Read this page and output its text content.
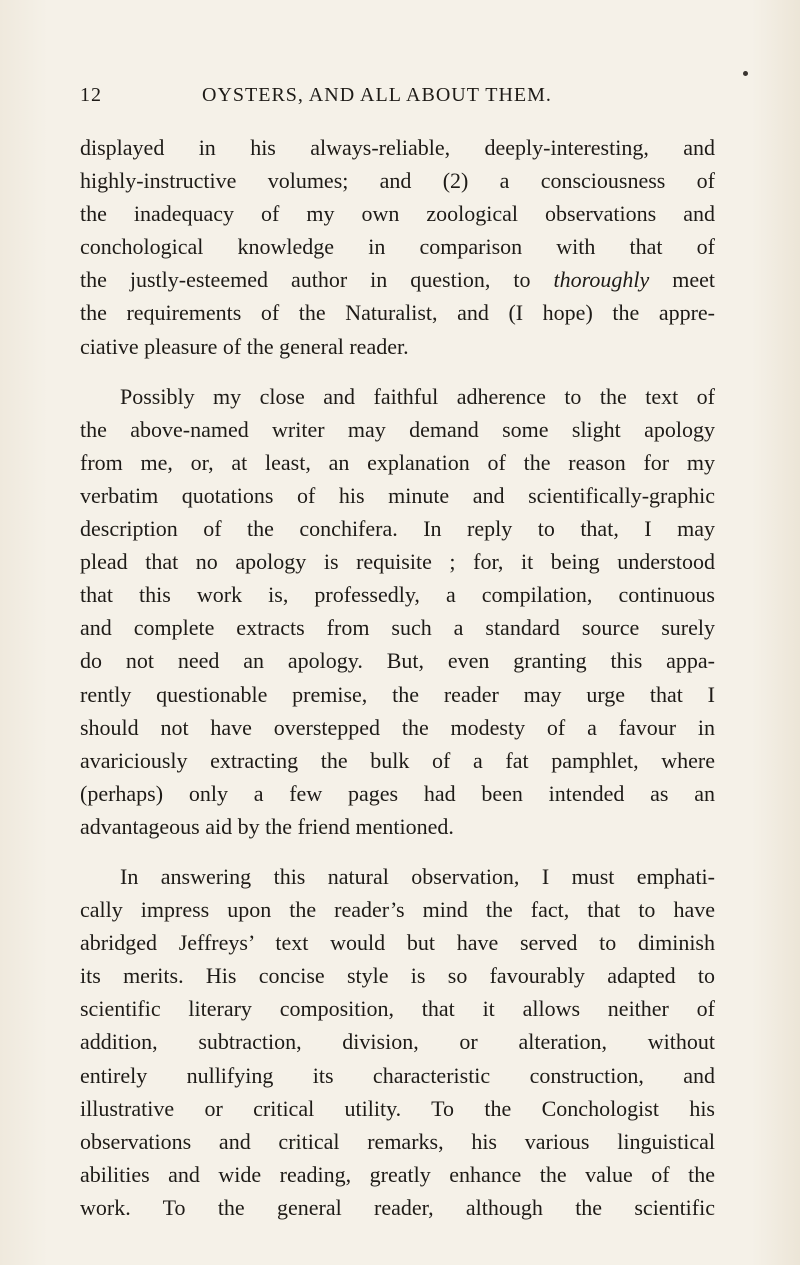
12	OYSTERS, AND ALL ABOUT THEM.
displayed in his always-reliable, deeply-interesting, and
highly-instructive volumes; and (2) a consciousness of
the inadequacy of my own zoological observations and
conchological knowledge in comparison with that of
the justly-esteemed author in question, to thoroughly meet
the requirements of the Naturalist, and (I hope) the appre-
ciative pleasure of the general reader.
Possibly my close and faithful adherence to the text of
the above-named writer may demand some slight apology
from me, or, at least, an explanation of the reason for my
verbatim quotations of his minute and scientifically-graphic
description of the conchifera. In reply to that, I may
plead that no apology is requisite ; for, it being understood
that this work is, professedly, a compilation, continuous
and complete extracts from such a standard source surely
do not need an apology. But, even granting this appa-
rently questionable premise, the reader may urge that I
should not have overstepped the modesty of a favour in
avariciously extracting the bulk of a fat pamphlet, where
(perhaps) only a few pages had been intended as an
advantageous aid by the friend mentioned.
In answering this natural observation, I must emphati-
cally impress upon the reader’s mind the fact, that to have
abridged Jeffreys’ text would but have served to diminish
its merits. His concise style is so favourably adapted to
scientific literary composition, that it allows neither of
addition, subtraction, division, or alteration, without
entirely nullifying its characteristic construction, and
illustrative or critical utility. To the Conchologist his
observations and critical remarks, his various linguistical
abilities and wide reading, greatly enhance the value of the
work. To the general reader, although the scientific
